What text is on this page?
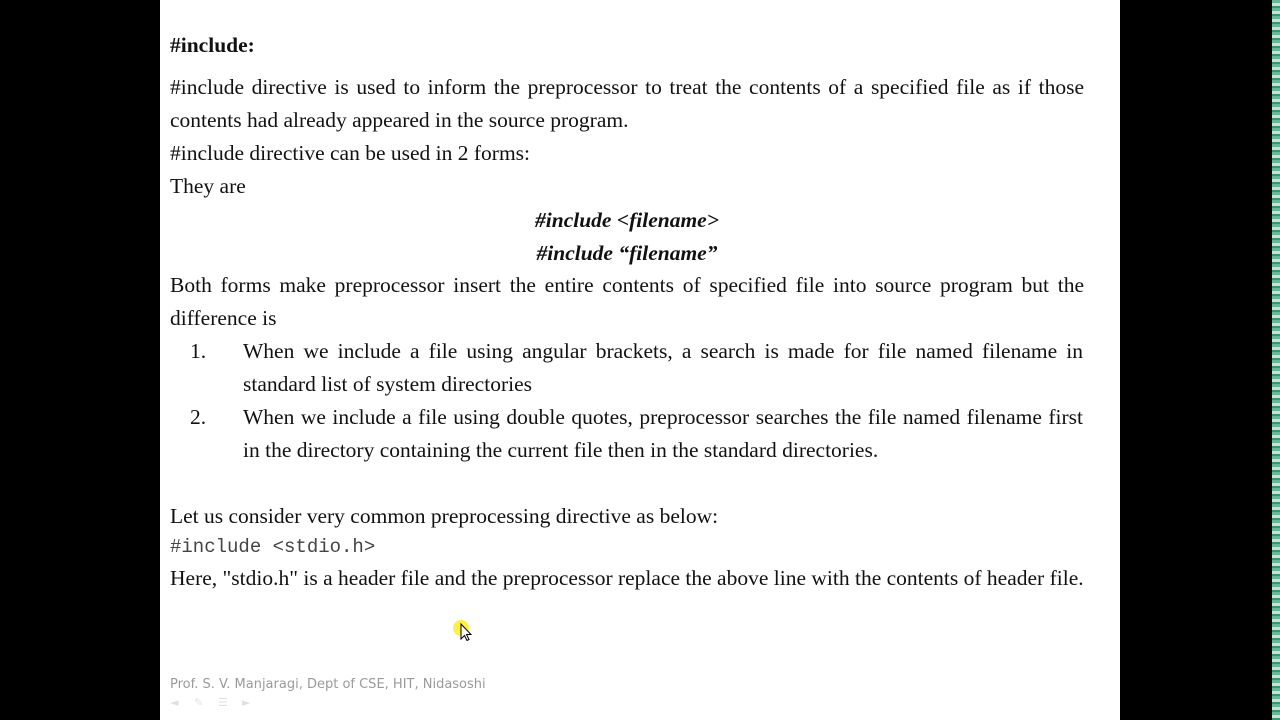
#include:

#include directive is used to inform the preprocessor to treat the contents of a specified file as if those contents had already appeared in the source program.

#include directive can be used in 2 forms:

They are

#include <filename>
#include “filename”

Both forms make preprocessor insert the entire contents of specified file into source program but the difference is

1.	When we include a file using angular brackets, a search is made for file named filename in standard list of system directories
2.	When we include a file using double quotes, preprocessor searches the file named filename first in the directory containing the current file then in the standard directories.

Let us consider very common preprocessing directive as below:

#include <stdio.h>

Here, "stdio.h" is a header file and the preprocessor replace the above line with the contents of header file.

Prof. S. V. Manjaragi, Dept of CSE, HIT, Nidasoshi
◄	✎	☰	►
